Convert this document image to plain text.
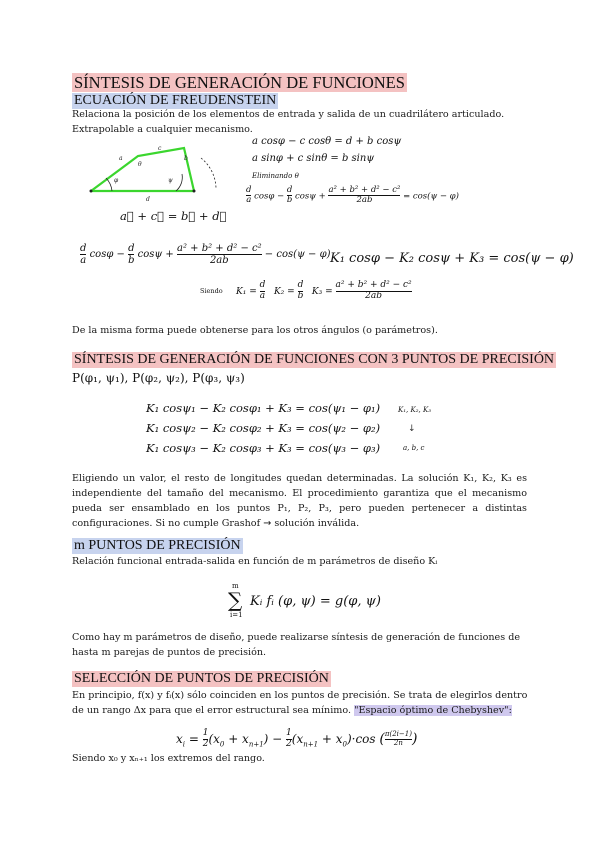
SÍNTESIS DE GENERACIÓN DE FUNCIONES
ECUACIÓN DE FREUDENSTEIN
Relaciona la posición de los elementos de entrada y salida de un cuadrilátero articulado. Extrapolable a cualquier mecanismo.
θ
b
φ	ψ
d
a
c
a⃗ + c⃗ = b⃗ + d⃗
a cosφ − c cosθ = d + b cosψ
a sinφ + c sinθ = b sinψ
Eliminando θ
$\frac{d}{a}$ $\cos\varphi - \frac{d}{b}$ $\cos\psi + \frac{\text{a² + b² + d² − c²}}{2ab} = \cos(\psi - \varphi)$
$\frac{d}{a}$ $\cos\varphi - \frac{d}{b}$ $\cos\psi + \frac{\text{a² + b² + d² − c²}}{2ab} - \cos(\psi - \varphi)$ K₁ cosφ − K₂ cosψ + K₃ = cos(ψ − φ)
Siendo $K_1 = \frac{d}{a} K_2 = \frac{d}{b} K_3 = \frac{\text{a² + b² + d² − c²}}{2ab}$
De la misma forma puede obtenerse para los otros ángulos (o parámetros).
SÍNTESIS DE GENERACIÓN DE FUNCIONES CON 3 PUNTOS DE PRECISIÓN
P(φ₁, ψ₁), P(φ₂, ψ₂), P(φ₃, ψ₃)
K₁ cosψ₁ − K₂ cosφ₁ + K₃ = cos(ψ₁ − φ₁)
K₁ cosψ₂ − K₂ cosφ₂ + K₃ = cos(ψ₂ − φ₂)
K₁ cosψ₃ − K₂ cosφ₃ + K₃ = cos(ψ₃ − φ₃)
K₁, K₂, K₃
↓
a, b, c
Eligiendo un valor, el resto de longitudes quedan determinadas. La solución K₁, K₂, K₃ es independiente del tamaño del mecanismo. El procedimiento garantiza que el mecanismo pueda ser ensamblado en los puntos P₁, P₂, P₃, pero pueden pertenecer a distintas configuraciones. Si no cumple Grashof → solución inválida.
m PUNTOS DE PRECISIÓN
Relación funcional entrada-salida en función de m parámetros de diseño Kᵢ
m
∑
i=1
Kᵢ fᵢ (φ, ψ) = g(φ, ψ)
Como hay m parámetros de diseño, puede realizarse síntesis de generación de funciones de hasta m parejas de puntos de precisión.
SELECCIÓN DE PUNTOS DE PRECISIÓN
En principio, f(x) y fᵢ(x) sólo coinciden en los puntos de precisión. Se trata de elegirlos dentro de un rango Δx para que el error estructural sea mínimo. "Espacio óptimo de Chebyshev":
$x_i = \frac{1}{2} (x_0 + x_{n+1}) - \frac{1}{2} (x_{n+1} + x_0)\cdot\cos$ ( $\frac{\pi(2i-1)}{2n}$ )
Siendo x₀ y xₙ₊₁ los extremos del rango.
